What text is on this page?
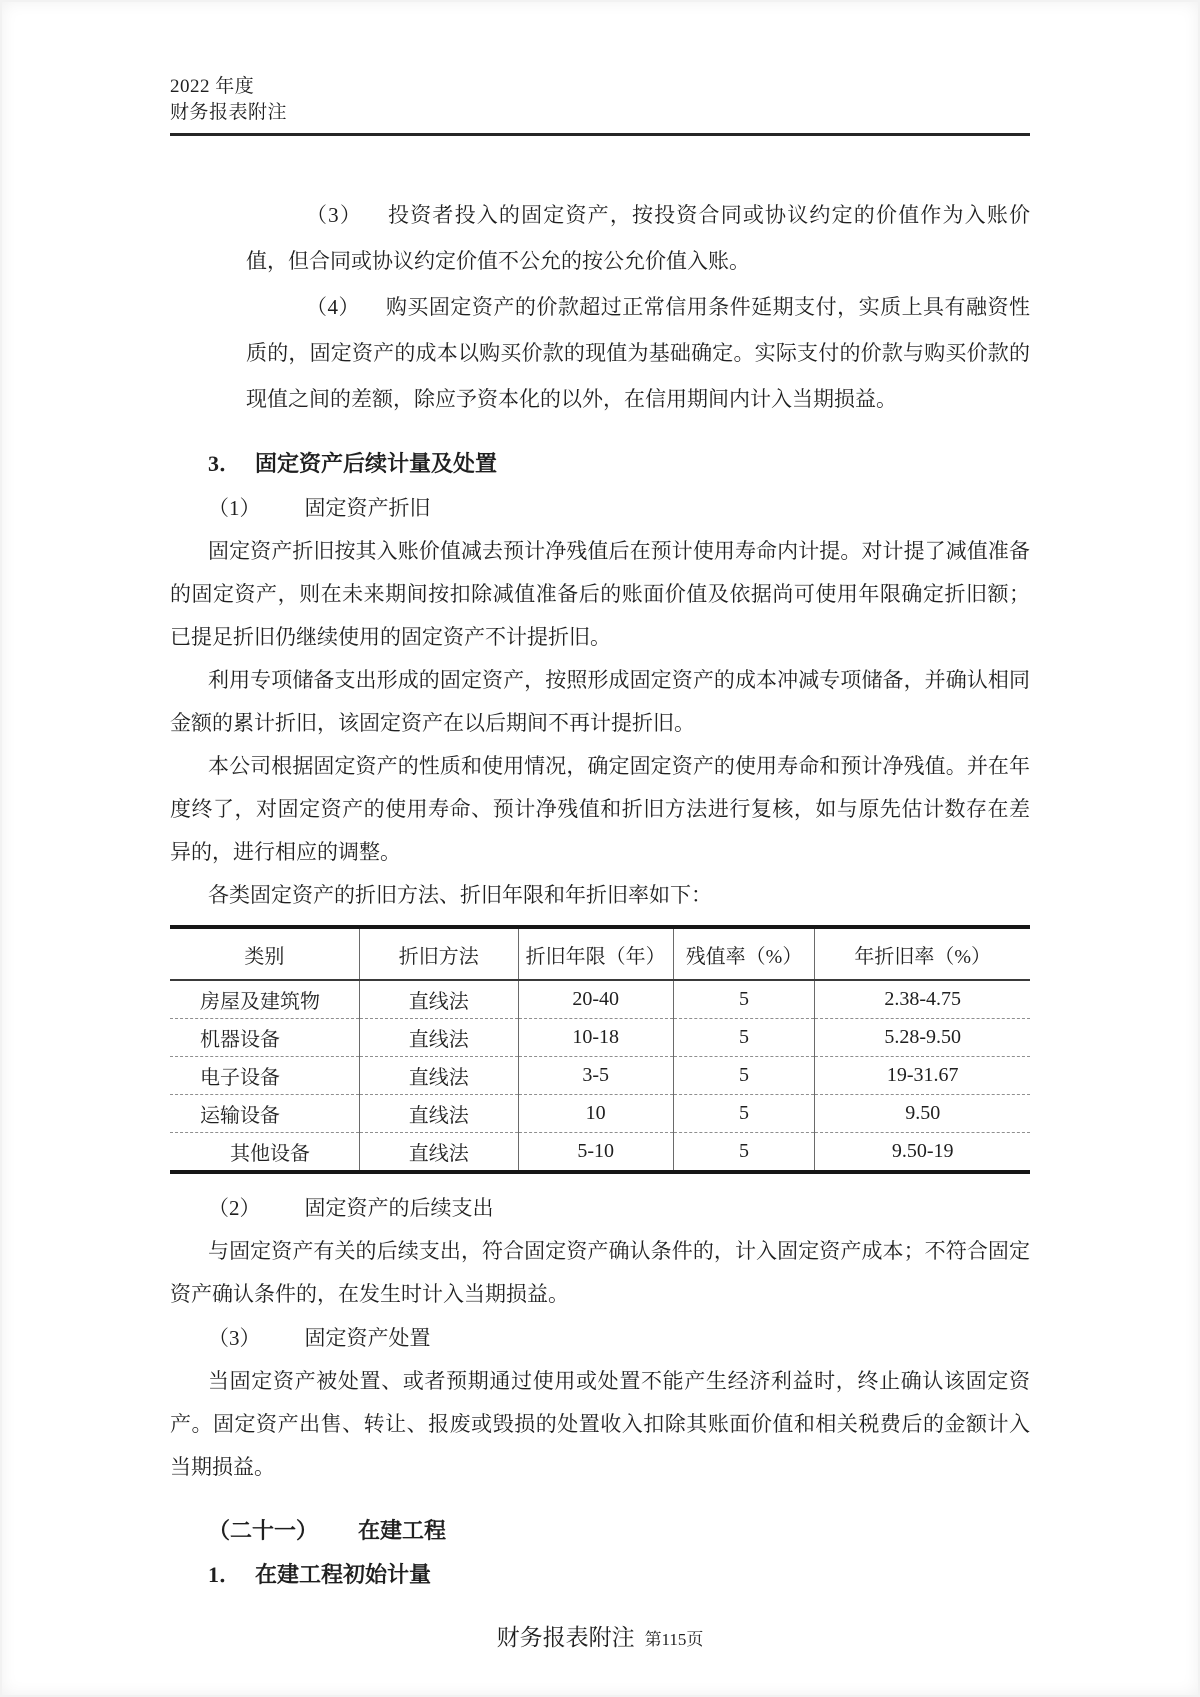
2022 年度
财务报表附注

（3） 投资者投入的固定资产，按投资合同或协议约定的价值作为入账价值，但合同或协议约定价值不公允的按公允价值入账。

（4） 购买固定资产的价款超过正常信用条件延期支付，实质上具有融资性质的，固定资产的成本以购买价款的现值为基础确定。实际支付的价款与购买价款的现值之间的差额，除应予资本化的以外，在信用期间内计入当期损益。

3． 固定资产后续计量及处置
（1） 固定资产折旧

固定资产折旧按其入账价值减去预计净残值后在预计使用寿命内计提。对计提了减值准备的固定资产，则在未来期间按扣除减值准备后的账面价值及依据尚可使用年限确定折旧额；已提足折旧仍继续使用的固定资产不计提折旧。

利用专项储备支出形成的固定资产，按照形成固定资产的成本冲减专项储备，并确认相同金额的累计折旧，该固定资产在以后期间不再计提折旧。

本公司根据固定资产的性质和使用情况，确定固定资产的使用寿命和预计净残值。并在年度终了，对固定资产的使用寿命、预计净残值和折旧方法进行复核，如与原先估计数存在差异的，进行相应的调整。

各类固定资产的折旧方法、折旧年限和年折旧率如下：

类别	折旧方法	折旧年限（年）	残值率（%）	年折旧率（%）
房屋及建筑物	直线法	20-40	5	2.38-4.75
机器设备	直线法	10-18	5	5.28-9.50
电子设备	直线法	3-5	5	19-31.67
运输设备	直线法	10	5	9.50
其他设备	直线法	5-10	5	9.50-19
（2） 固定资产的后续支出

与固定资产有关的后续支出，符合固定资产确认条件的，计入固定资产成本；不符合固定资产确认条件的，在发生时计入当期损益。

（3） 固定资产处置

当固定资产被处置、或者预期通过使用或处置不能产生经济利益时，终止确认该固定资产。固定资产出售、转让、报废或毁损的处置收入扣除其账面价值和相关税费后的金额计入当期损益。

（二十一） 在建工程
1． 在建工程初始计量
财务报表附注 第115页
